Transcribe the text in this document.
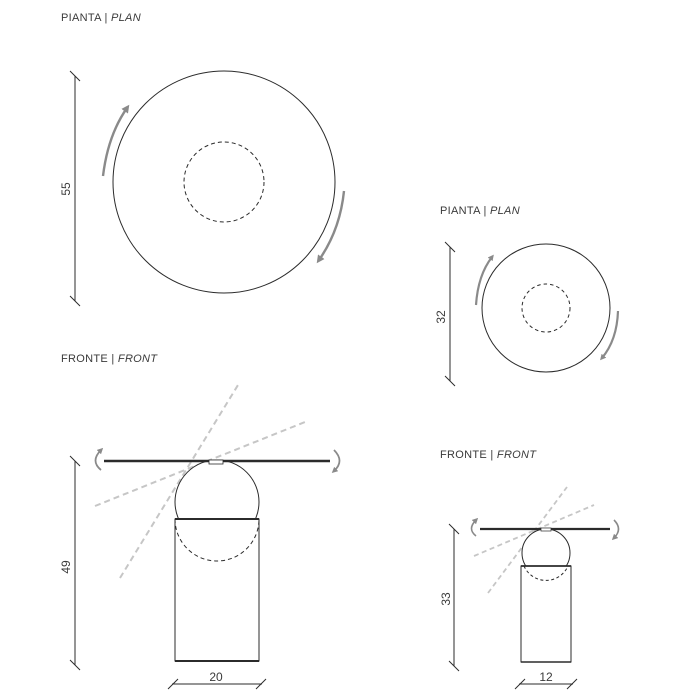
PIANTA | PLAN
PIANTA | PLAN
FRONTE | FRONT
FRONTE | FRONT
55
32
49
20
33
12
